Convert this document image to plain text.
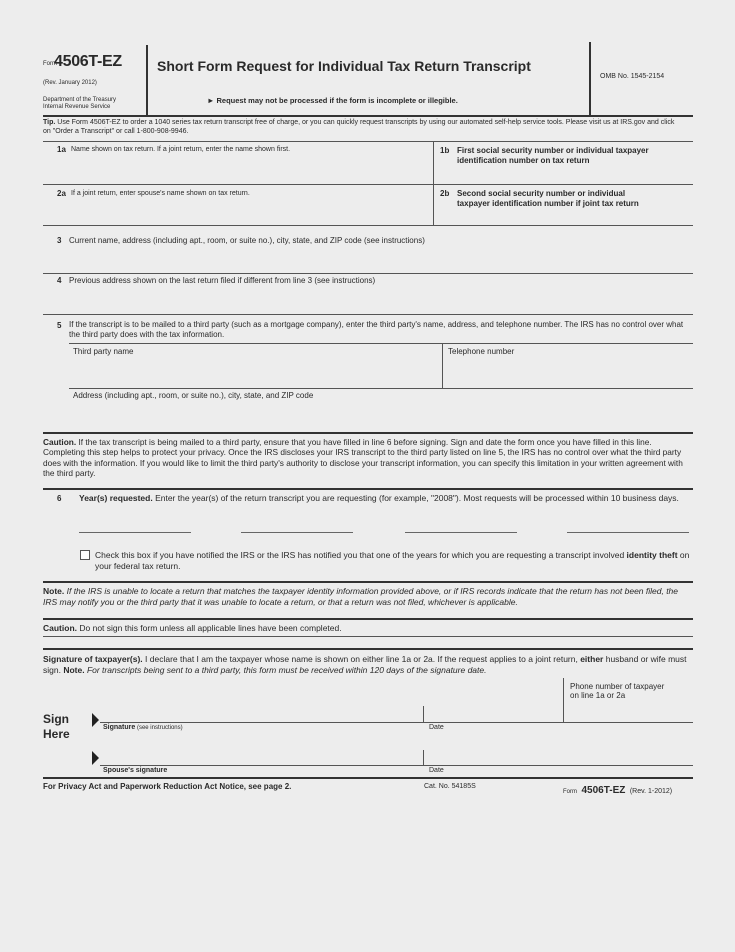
Form
4506T-EZ
(Rev. January 2012)
Department of the Treasury
Internal Revenue Service
Short Form Request for Individual Tax Return Transcript
► Request may not be processed if the form is incomplete or illegible.
OMB No. 1545-2154
Tip. Use Form 4506T-EZ to order a 1040 series tax return transcript free of charge, or you can quickly request transcripts by using our automated self-help service tools. Please visit us at IRS.gov and click on "Order a Transcript" or call 1-800-908-9946.
1a Name shown on tax return. If a joint return, enter the name shown first.	1b First social security number or individual taxpayer
identification number on tax return
2a If a joint return, enter spouse's name shown on tax return.	2b Second social security number or individual
taxpayer identification number if joint tax return
3 Current name, address (including apt., room, or suite no.), city, state, and ZIP code (see instructions)
4 Previous address shown on the last return filed if different from line 3 (see instructions)
5 If the transcript is to be mailed to a third party (such as a mortgage company), enter the third party's name, address, and telephone number. The IRS has no control over what the third party does with the tax information.
Third party name	Telephone number
Address (including apt., room, or suite no.), city, state, and ZIP code
Caution. If the tax transcript is being mailed to a third party, ensure that you have filled in line 6 before signing. Sign and date the form once you have filled in this line. Completing this step helps to protect your privacy. Once the IRS discloses your IRS transcript to the third party listed on line 5, the IRS has no control over what the third party does with the information. If you would like to limit the third party's authority to disclose your transcript information, you can specify this limitation in your written agreement with the third party.
6 Year(s) requested. Enter the year(s) of the return transcript you are requesting (for example, "2008"). Most requests will be processed within 10 business days.
Check this box if you have notified the IRS or the IRS has notified you that one of the years for which you are requesting a transcript involved identity theft on your federal tax return.
Note. If the IRS is unable to locate a return that matches the taxpayer identity information provided above, or if IRS records indicate that the return has not been filed, the IRS may notify you or the third party that it was unable to locate a return, or that a return was not filed, whichever is applicable.
Caution. Do not sign this form unless all applicable lines have been completed.
Signature of taxpayer(s). I declare that I am the taxpayer whose name is shown on either line 1a or 2a. If the request applies to a joint return, either husband or wife must sign. Note. For transcripts being sent to a third party, this form must be received within 120 days of the signature date.
Phone number of taxpayer
on line 1a or 2a
Sign
Here	Signature (see instructions)	Date
Spouse's signature	Date
For Privacy Act and Paperwork Reduction Act Notice, see page 2.	Cat. No. 54185S
Form 4506T-EZ (Rev. 1-2012)
